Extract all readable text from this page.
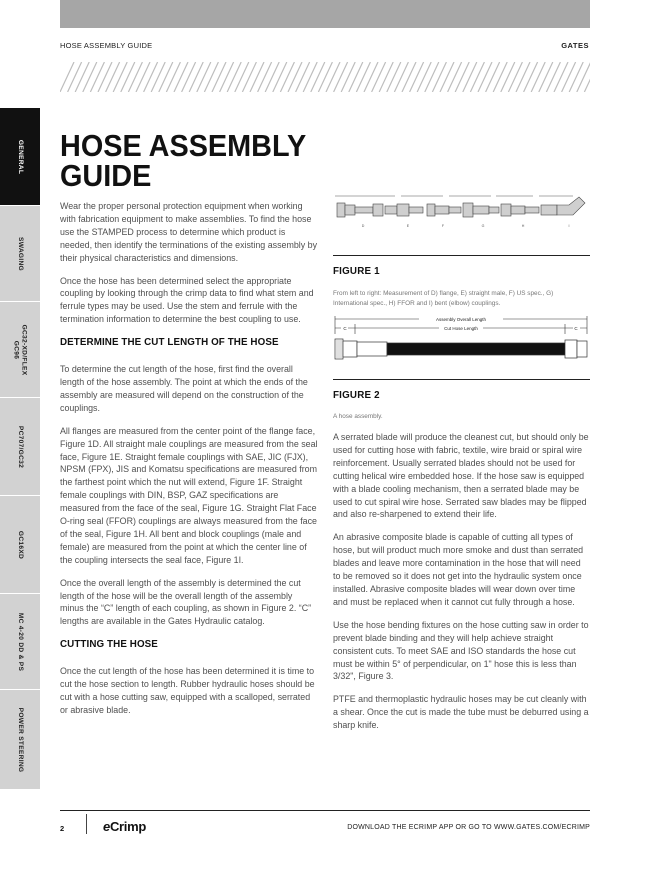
HOSE ASSEMBLY GUIDE	GATES
GENERAL
SWAGING
GC32-XD/FLEX
GC96
PC707/GC32
GC16XD
MC 4-20 DD & PS
POWER STEERING
HOSE ASSEMBLY
GUIDE

Wear the proper personal protection equipment when working with fabrication equipment to make assemblies. To find the hose use the STAMPED process to determine which product is needed, then identify the terminations of the existing assembly by their physical characteristics and dimensions.

Once the hose has been determined select the appropriate coupling by looking through the crimp data to find what stem and ferrule types may be used. Use the stem and ferrule with the termination information to determine the best coupling to use.

DETERMINE THE CUT LENGTH OF THE HOSE

To determine the cut length of the hose, first find the overall length of the hose assembly. The point at which the ends of the assembly are measured will depend on the construction of the couplings.

All flanges are measured from the center point of the flange face, Figure 1D. All straight male couplings are measured from the seal face, Figure 1E. Straight female couplings with SAE, JIC (FJX), NPSM (FPX), JIS and Komatsu specifications are measured from the farthest point which the nut will extend, Figure 1F. Straight female couplings with DIN, BSP, GAZ specifications are measured from the face of the seal, Figure 1G. Straight Flat Face O-ring seal (FFOR) couplings are always measured from the face of the seal, Figure 1H. All bent and block couplings (male and female) are measured from the point at which the center line of the coupling intersects the seal face, Figure 1I.

Once the overall length of the assembly is determined the cut length of the hose will be the overall length of the assembly minus the “C” length of each coupling, as shown in Figure 2. “C” lengths are available in the Gates Hydraulic catalog.

CUTTING THE HOSE

Once the cut length of the hose has been determined it is time to cut the hose section to length. Rubber hydraulic hoses should be cut with a hose cutting saw, equipped with a scalloped, serrated or abrasive blade.

D	E	F	G	H	I
FIGURE 1
From left to right: Measurement of D) flange, E) straight male, F) US spec., G) International spec., H) FFOR and I) bent (elbow) couplings.
Assembly Overall Length
Cut Hose Length
C	C
FIGURE 2
A hose assembly.

A serrated blade will produce the cleanest cut, but should only be used for cutting hose with fabric, textile, wire braid or spiral wire reinforcement. Usually serrated blades should not be used for cutting helical wire embedded hose. If the hose saw is equipped with a blade cooling mechanism, then a serrated blade may be used to cut spiral wire hose. Serrated saw blades may be flipped and also re-sharpened to extend their life.

An abrasive composite blade is capable of cutting all types of hose, but will product much more smoke and dust than serrated blades and leave more contamination in the hose that will need to be removed so it does not get into the hydraulic system once installed. Abrasive composite blades will wear down over time and must be replaced when it cannot cut fully through a hose.

Use the hose bending fixtures on the hose cutting saw in order to prevent blade binding and they will help achieve straight consistent cuts. To meet SAE and ISO standards the hose cut must be within 5° of perpendicular, on 1" hose this is less than 3/32", Figure 3.

PTFE and thermoplastic hydraulic hoses may be cut cleanly with a shear. Once the cut is made the tube must be deburred using a sharp knife.

2	eCrimp	DOWNLOAD THE ECRIMP APP OR GO TO WWW.GATES.COM/ECRIMP
